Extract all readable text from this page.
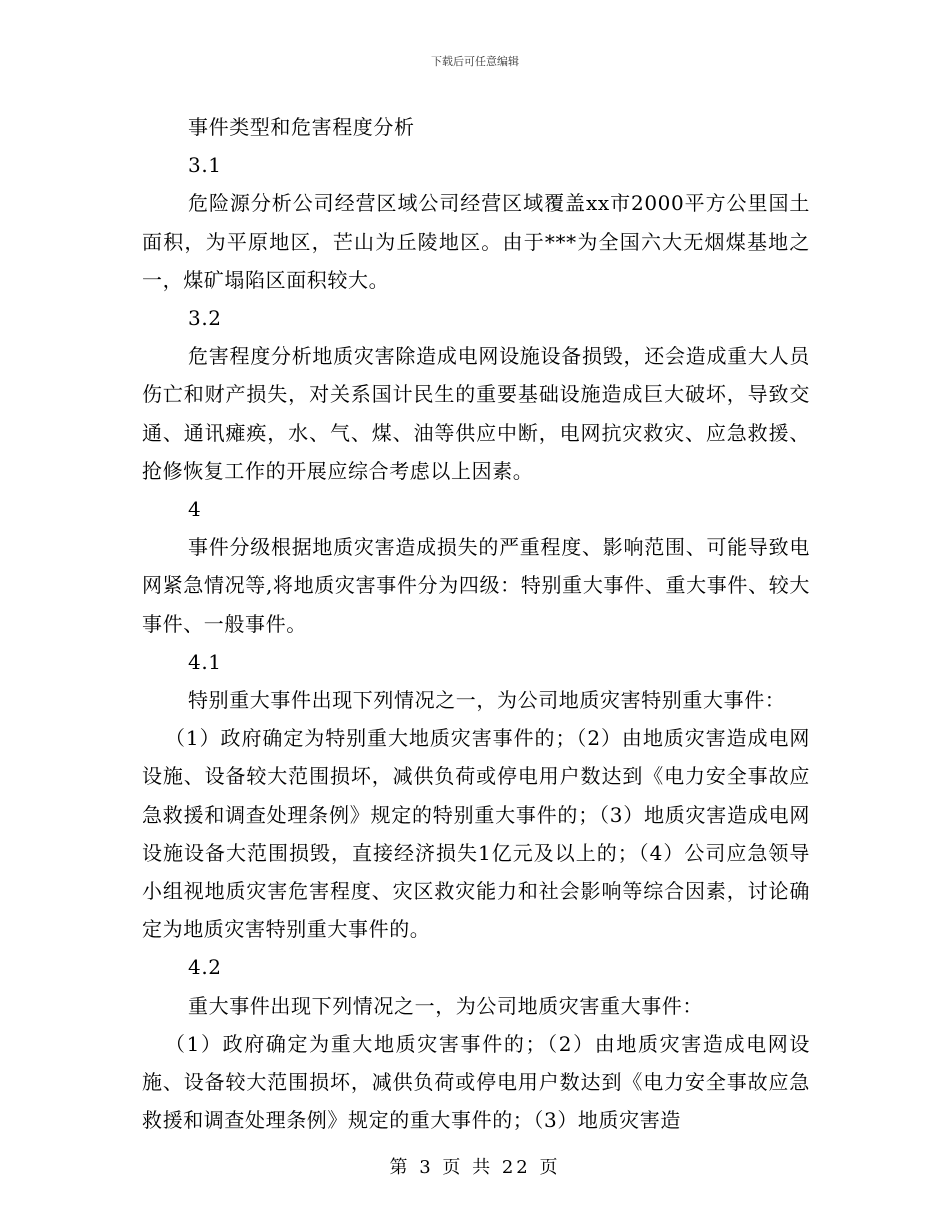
下载后可任意编辑

事件类型和危害程度分析

3.1

危险源分析公司经营区域公司经营区域覆盖xx市2000平方公里国土面积，为平原地区，芒山为丘陵地区。由于***为全国六大无烟煤基地之一，煤矿塌陷区面积较大。

3.2

危害程度分析地质灾害除造成电网设施设备损毁，还会造成重大人员伤亡和财产损失，对关系国计民生的重要基础设施造成巨大破坏，导致交通、通讯瘫痪，水、气、煤、油等供应中断，电网抗灾救灾、应急救援、抢修恢复工作的开展应综合考虑以上因素。

4

事件分级根据地质灾害造成损失的严重程度、影响范围、可能导致电网紧急情况等,将地质灾害事件分为四级：特别重大事件、重大事件、较大事件、一般事件。

4.1

特别重大事件出现下列情况之一，为公司地质灾害特别重大事件：

（1）政府确定为特别重大地质灾害事件的；（2）由地质灾害造成电网设施、设备较大范围损坏，减供负荷或停电用户数达到《电力安全事故应急救援和调查处理条例》规定的特别重大事件的；（3）地质灾害造成电网设施设备大范围损毁，直接经济损失1亿元及以上的；（4）公司应急领导小组视地质灾害危害程度、灾区救灾能力和社会影响等综合因素，讨论确定为地质灾害特别重大事件的。

4.2

重大事件出现下列情况之一，为公司地质灾害重大事件：

（1）政府确定为重大地质灾害事件的；（2）由地质灾害造成电网设施、设备较大范围损坏，减供负荷或停电用户数达到《电力安全事故应急救援和调查处理条例》规定的重大事件的；（3）地质灾害造

第 3 页 共 22 页
